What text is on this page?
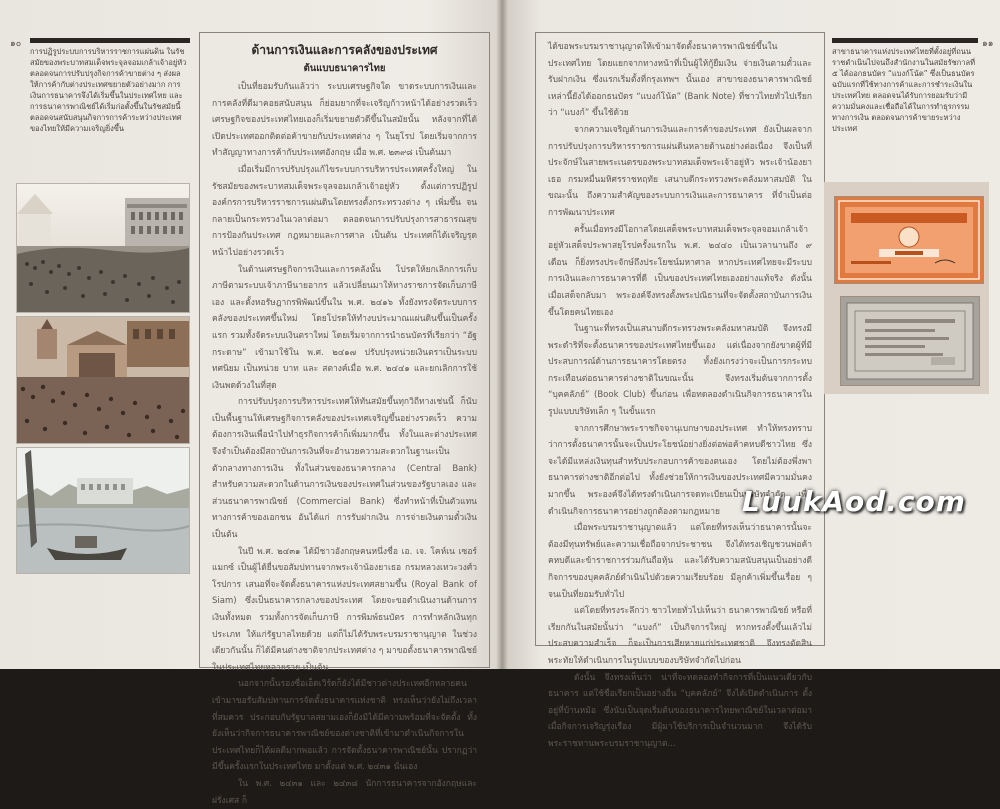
๑๐
การปฏิรูประบบการบริหารราชการแผ่นดิน ในรัชสมัยของพระบาทสมเด็จพระจุลจอมเกล้าเจ้าอยู่หัว ตลอดจนการปรับปรุงกิจการค้าขายต่าง ๆ ส่งผลให้การค้ากับต่างประเทศขยายตัวอย่างมาก การเงินการธนาคารจึงได้เริ่มขึ้นในประเทศไทย และการธนาคารพาณิชย์ได้เริ่มก่อตั้งขึ้นในรัชสมัยนี้ ตลอดจนสนับสนุนกิจการการค้าระหว่างประเทศของไทยให้มีความเจริญยิ่งขึ้น
ด้านการเงินและการคลังของประเทศ
ต้นแบบธนาคารไทย

เป็นที่ยอมรับกันแล้วว่า ระบบเศรษฐกิจใด ขาดระบบการเงินและการคลังที่ดีมาคอยสนับสนุน ก็ย่อมยากที่จะเจริญก้าวหน้าได้อย่างรวดเร็ว เศรษฐกิจของประเทศไทยเองก็เริ่มขยายตัวดีขึ้นในสมัยนั้น หลังจากที่ได้เปิดประเทศออกติดต่อค้าขายกับประเทศต่าง ๆ ในยุโรป โดยเริ่มจากการทำสัญญาทางการค้ากับประเทศอังกฤษ เมื่อ พ.ศ. ๒๓๙๘ เป็นต้นมา

เมื่อเริ่มมีการปรับปรุงแก้ไขระบบการบริหารประเทศครั้งใหญ่ ในรัชสมัยของพระบาทสมเด็จพระจุลจอมเกล้าเจ้าอยู่หัว ตั้งแต่การปฏิรูปองค์กรการบริหารราชการแผ่นดินโดยทรงตั้งกระทรวงต่าง ๆ เพิ่มขึ้น จนกลายเป็นกระทรวงในเวลาต่อมา ตลอดจนการปรับปรุงการสาธารณสุข การป้องกันประเทศ กฎหมายและการศาล เป็นต้น ประเทศก็ได้เจริญรุดหน้าไปอย่างรวดเร็ว

ในด้านเศรษฐกิจการเงินและการคลังนั้น โปรดให้ยกเลิกการเก็บภาษีตามระบบเจ้าภาษีนายอากร แล้วเปลี่ยนมาให้ทางราชการจัดเก็บภาษีเอง และตั้งหอรัษฎากรพิพัฒน์ขึ้นใน พ.ศ. ๒๔๑๖ ทั้งยังทรงจัดระบบการคลังของประเทศขึ้นใหม่ โดยโปรดให้ทำงบประมาณแผ่นดินขึ้นเป็นครั้งแรก รวมทั้งจัดระบบเงินตราใหม่ โดยเริ่มจากการนำธนบัตรที่เรียกว่า “อัฐกระดาษ” เข้ามาใช้ใน พ.ศ. ๒๔๑๗ ปรับปรุงหน่วยเงินตราเป็นระบบทศนิยม เป็นหน่วย บาท และ สตางค์เมื่อ พ.ศ. ๒๔๔๑ และยกเลิกการใช้เงินพดด้วงในที่สุด

การปรับปรุงการบริหารประเทศให้ทันสมัยขึ้นทุกวิถีทางเช่นนี้ ก็นับเป็นพื้นฐานให้เศรษฐกิจการคลังของประเทศเจริญขึ้นอย่างรวดเร็ว ความต้องการเงินเพื่อนำไปทำธุรกิจการค้าก็เพิ่มมากขึ้น ทั้งในและต่างประเทศ จึงจำเป็นต้องมีสถาบันการเงินที่จะอำนวยความสะดวกในฐานะเป็นตัวกลางทางการเงิน ทั้งในส่วนของธนาคารกลาง (Central Bank) สำหรับความสะดวกในด้านการเงินของประเทศในส่วนของรัฐบาลเอง และส่วนธนาคารพาณิชย์ (Commercial Bank) ซึ่งทำหน้าที่เป็นตัวแทนทางการค้าของเอกชน อันได้แก่ การรับฝากเงิน การจ่ายเงินตามตั๋วเงิน เป็นต้น

ในปี พ.ศ. ๒๔๓๑ ได้มีชาวอังกฤษคนหนึ่งชื่อ เอ. เจ. โคห์เน เซอร์แมกซ์ เป็นผู้ได้ยื่นขอสัมปทานจากพระเจ้าน้องยาเธอ กรมหลวงเทวะวงศ์วโรปการ เสนอที่จะจัดตั้งธนาคารแห่งประเทศสยามขึ้น (Royal Bank of Siam) ซึ่งเป็นธนาคารกลางของประเทศ โดยจะขอดำเนินงานด้านการเงินทั้งหมด รวมทั้งการจัดเก็บภาษี การพิมพ์ธนบัตร การทำหลักเงินทุกประเภท ให้แก่รัฐบาลไทยด้วย แต่ก็ไม่ได้รับพระบรมราชานุญาต ในช่วงเดียวกันนั้น ก็ได้มีคนต่างชาติจากประเทศต่าง ๆ มาขอตั้งธนาคารพาณิชย์ในประเทศไทยหลายราย เป็นต้น

นอกจากนั้นรองซื่อเอ็ดเวิร์ดก็ยังได้มีชาวต่างประเทศอีกหลายคนเข้ามาขอรับสัมปทานการจัดตั้งธนาคารแห่งชาติ ทรงเห็นว่ายังไม่ถึงเวลาที่สมควร ประกอบกับรัฐบาลสยามเองก็ยังมิได้มีความพร้อมที่จะจัดตั้ง ทั้งยังเห็นว่ากิจการธนาคารพาณิชย์ของต่างชาติที่เข้ามาดำเนินกิจการในประเทศไทยก็ได้ผลดีมากพอแล้ว การจัดตั้งธนาคารพาณิชย์นั้น ปรากฏว่ามีขึ้นครั้งแรกในประเทศไทย มาตั้งแต่ พ.ศ. ๒๔๓๑ นั่นเอง

ใน พ.ศ. ๒๔๓๑ และ ๒๔๓๘ นักการธนาคารจากอังกฤษและฝรั่งเศส ก็

ได้ขอพระบรมราชานุญาตให้เข้ามาจัดตั้งธนาคารพาณิชย์ขึ้นในประเทศไทย โดยแยกจากทางหน้าที่เป็นผู้ให้กู้ยืมเงิน จ่ายเงินตามตั๋วและรับฝากเงิน ซึ่งแรกเริ่มตั้งที่กรุงเทพฯ นั้นเอง สาขาของธนาคารพาณิชย์เหล่านี้ยังได้ออกธนบัตร “แบงก์โน้ต” (Bank Note) ที่ชาวไทยทั่วไปเรียกว่า “แบงก์” ขึ้นใช้ด้วย

จากความเจริญด้านการเงินและการค้าของประเทศ ยังเป็นผลจากการปรับปรุงการบริหารราชการแผ่นดินหลายด้านอย่างต่อเนื่อง จึงเป็นที่ประจักษ์ในสายพระเนตรของพระบาทสมเด็จพระเจ้าอยู่หัว พระเจ้าน้องยาเธอ กรมหมื่นมหิศรราชหฤทัย เสนาบดีกระทรวงพระคลังมหาสมบัติ ในขณะนั้น ถึงความสำคัญของระบบการเงินและการธนาคาร ที่จำเป็นต่อการพัฒนาประเทศ

ครั้นเมื่อทรงมีโอกาสโดยเสด็จพระบาทสมเด็จพระจุลจอมเกล้าเจ้าอยู่หัวเสด็จประพาสยุโรปครั้งแรกใน พ.ศ. ๒๔๔๐ เป็นเวลานานถึง ๙ เดือน ก็ยิ่งทรงประจักษ์ถึงประโยชน์มหาศาล หากประเทศไทยจะมีระบบการเงินและการธนาคารที่ดี เป็นของประเทศไทยเองอย่างแท้จริง ดังนั้นเมื่อเสด็จกลับมา พระองค์จึงทรงตั้งพระปณิธานที่จะจัดตั้งสถาบันการเงินขึ้นโดยคนไทยเอง

ในฐานะที่ทรงเป็นเสนาบดีกระทรวงพระคลังมหาสมบัติ จึงทรงมีพระดำริที่จะตั้งธนาคารของประเทศไทยขึ้นเอง แต่เนื่องจากยังขาดผู้ที่มีประสบการณ์ด้านการธนาคารโดยตรง ทั้งยังเกรงว่าจะเป็นการกระทบกระเทือนต่อธนาคารต่างชาติในขณะนั้น จึงทรงเริ่มต้นจากการตั้ง “บุคคลัภย์” (Book Club) ขึ้นก่อน เพื่อทดลองดำเนินกิจการธนาคารในรูปแบบบริษัทเล็ก ๆ ในขั้นแรก

จากการศึกษาพระราชกิจจานุเบกษาของประเทศ ทำให้ทรงทราบว่าการตั้งธนาคารนั้นจะเป็นประโยชน์อย่างยิ่งต่อพ่อค้าคหบดีชาวไทย ซึ่งจะได้มีแหล่งเงินทุนสำหรับประกอบการค้าของตนเอง โดยไม่ต้องพึ่งพาธนาคารต่างชาติอีกต่อไป ทั้งยังช่วยให้การเงินของประเทศมีความมั่นคงมากขึ้น พระองค์จึงได้ทรงดำเนินการจดทะเบียนเป็นบริษัทจำกัด เพื่อดำเนินกิจการธนาคารอย่างถูกต้องตามกฎหมาย

เมื่อพระบรมราชานุญาตแล้ว แต่โดยที่ทรงเห็นว่าธนาคารนั้นจะต้องมีทุนทรัพย์และความเชื่อถือจากประชาชน จึงได้ทรงเชิญชวนพ่อค้าคหบดีและข้าราชการร่วมกันถือหุ้น และได้รับความสนับสนุนเป็นอย่างดี กิจการของบุคคลัภย์ดำเนินไปด้วยความเรียบร้อย มีลูกค้าเพิ่มขึ้นเรื่อย ๆ จนเป็นที่ยอมรับทั่วไป

แต่โดยที่ทรงระลึกว่า ชาวไทยทั่วไปเห็นว่า ธนาคารพาณิชย์ หรือที่เรียกกันในสมัยนั้นว่า “แบงก์” เป็นกิจการใหญ่ หากทรงตั้งขึ้นแล้วไม่ประสบความสำเร็จ ก็จะเป็นการเสียหายแก่ประเทศชาติ จึงทรงตัดสินพระทัยให้ดำเนินการในรูปแบบของบริษัทจำกัดไปก่อน

ดังนั้น จึงทรงเห็นว่า น่าที่จะทดลองทำกิจการที่เป็นแนวเดียวกับธนาคาร แต่ใช้ชื่อเรียกเป็นอย่างอื่น “บุคคลัภย์” จึงได้เปิดดำเนินการ ตั้งอยู่ที่บ้านหม้อ ซึ่งนับเป็นจุดเริ่มต้นของธนาคารไทยพาณิชย์ในเวลาต่อมา เมื่อกิจการเจริญรุ่งเรือง มีผู้มาใช้บริการเป็นจำนวนมาก จึงได้รับพระราชทานพระบรมราชานุญาต...

๑๑
สาขาธนาคารแห่งประเทศไทยที่ตั้งอยู่ที่ถนนราชดำเนินไปจนถึงสำนักงานในสมัยรัชกาลที่ ๕ ได้ออกธนบัตร “แบงก์โน้ต” ซึ่งเป็นธนบัตรฉบับแรกที่ใช้ทางการค้าและการชำระเงินในประเทศไทย ตลอดจนได้รับการยอมรับว่ามีความมั่นคงและเชื่อถือได้ในการทำธุรกรรมทางการเงิน ตลอดจนการค้าขายระหว่างประเทศ
LuukAod.com
